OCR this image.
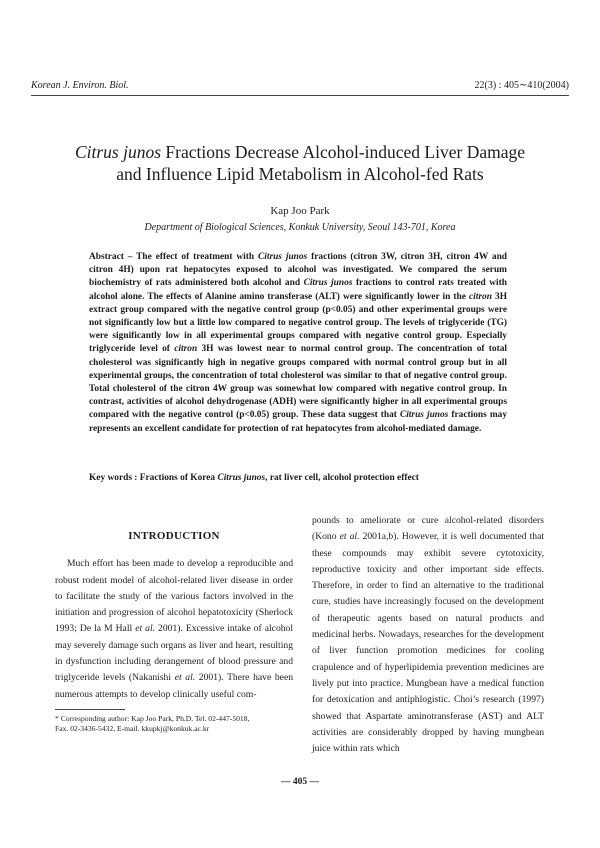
Korean J. Environ. Biol.	22(3) : 405∼410(2004)
Citrus junos Fractions Decrease Alcohol-induced Liver Damage
and Influence Lipid Metabolism in Alcohol-fed Rats
Kap Joo Park
Department of Biological Sciences, Konkuk University, Seoul 143-701, Korea
Abstract – The effect of treatment with Citrus junos fractions (citron 3W, citron 3H, citron 4W and citron 4H) upon rat hepatocytes exposed to alcohol was investigated. We compared the serum biochemistry of rats administered both alcohol and Citrus junos fractions to control rats treated with alcohol alone. The effects of Alanine amino transferase (ALT) were significantly lower in the citron 3H extract group compared with the negative control group (p<0.05) and other experimental groups were not significantly low but a little low compared to negative control group. The levels of triglyceride (TG) were significantly low in all experimental groups compared with negative control group. Especially triglyceride level of citron 3H was lowest near to normal control group. The concentration of total cholesterol was significantly high in negative groups compared with normal control group but in all experimental groups, the concentration of total cholesterol was similar to that of negative control group. Total cholesterol of the citron 4W group was somewhat low compared with negative control group. In contrast, activities of alcohol dehydrogenase (ADH) were significantly higher in all experimental groups compared with the negative control (p<0.05) group. These data suggest that Citrus junos fractions may represents an excellent candidate for protection of rat hepatocytes from alcohol-mediated damage.
Key words : Fractions of Korea Citrus junos, rat liver cell, alcohol protection effect
INTRODUCTION

Much effort has been made to develop a reproducible and robust rodent model of alcohol-related liver disease in order to facilitate the study of the various factors involved in the initiation and progression of alcohol hepatotoxicity (Sherlock 1993; De la M Hall et al. 2001). Excessive intake of alcohol may severely damage such organs as liver and heart, resulting in dysfunction including derangement of blood pressure and triglyceride levels (Nakanishi et al. 2001). There have been numerous attempts to develop clinically useful com-

pounds to ameliorate or cure alcohol-related disorders (Kono et al. 2001a,b). However, it is well documented that these compounds may exhibit severe cytotoxicity, reproductive toxicity and other important side effects. Therefore, in order to find an alternative to the traditional cure, studies have increasingly focused on the development of therapeutic agents based on natural products and medicinal herbs. Nowadays, researches for the development of liver function promotion medicines for cooling crapulence and of hyperlipidemia prevention medicines are lively put into practice. Mungbean have a medical function for detoxication and antiphlogistic. Choi’s research (1997) showed that Aspartate aminotransferase (AST) and ALT activities are considerably dropped by having mungbean juice within rats which

* Corresponding author: Kap Joo Park, Ph.D. Tel. 02-447-5018,
Fax. 02-3436-5432, E-mail. kkupkj@konkuk.ac.kr
— 405 —
